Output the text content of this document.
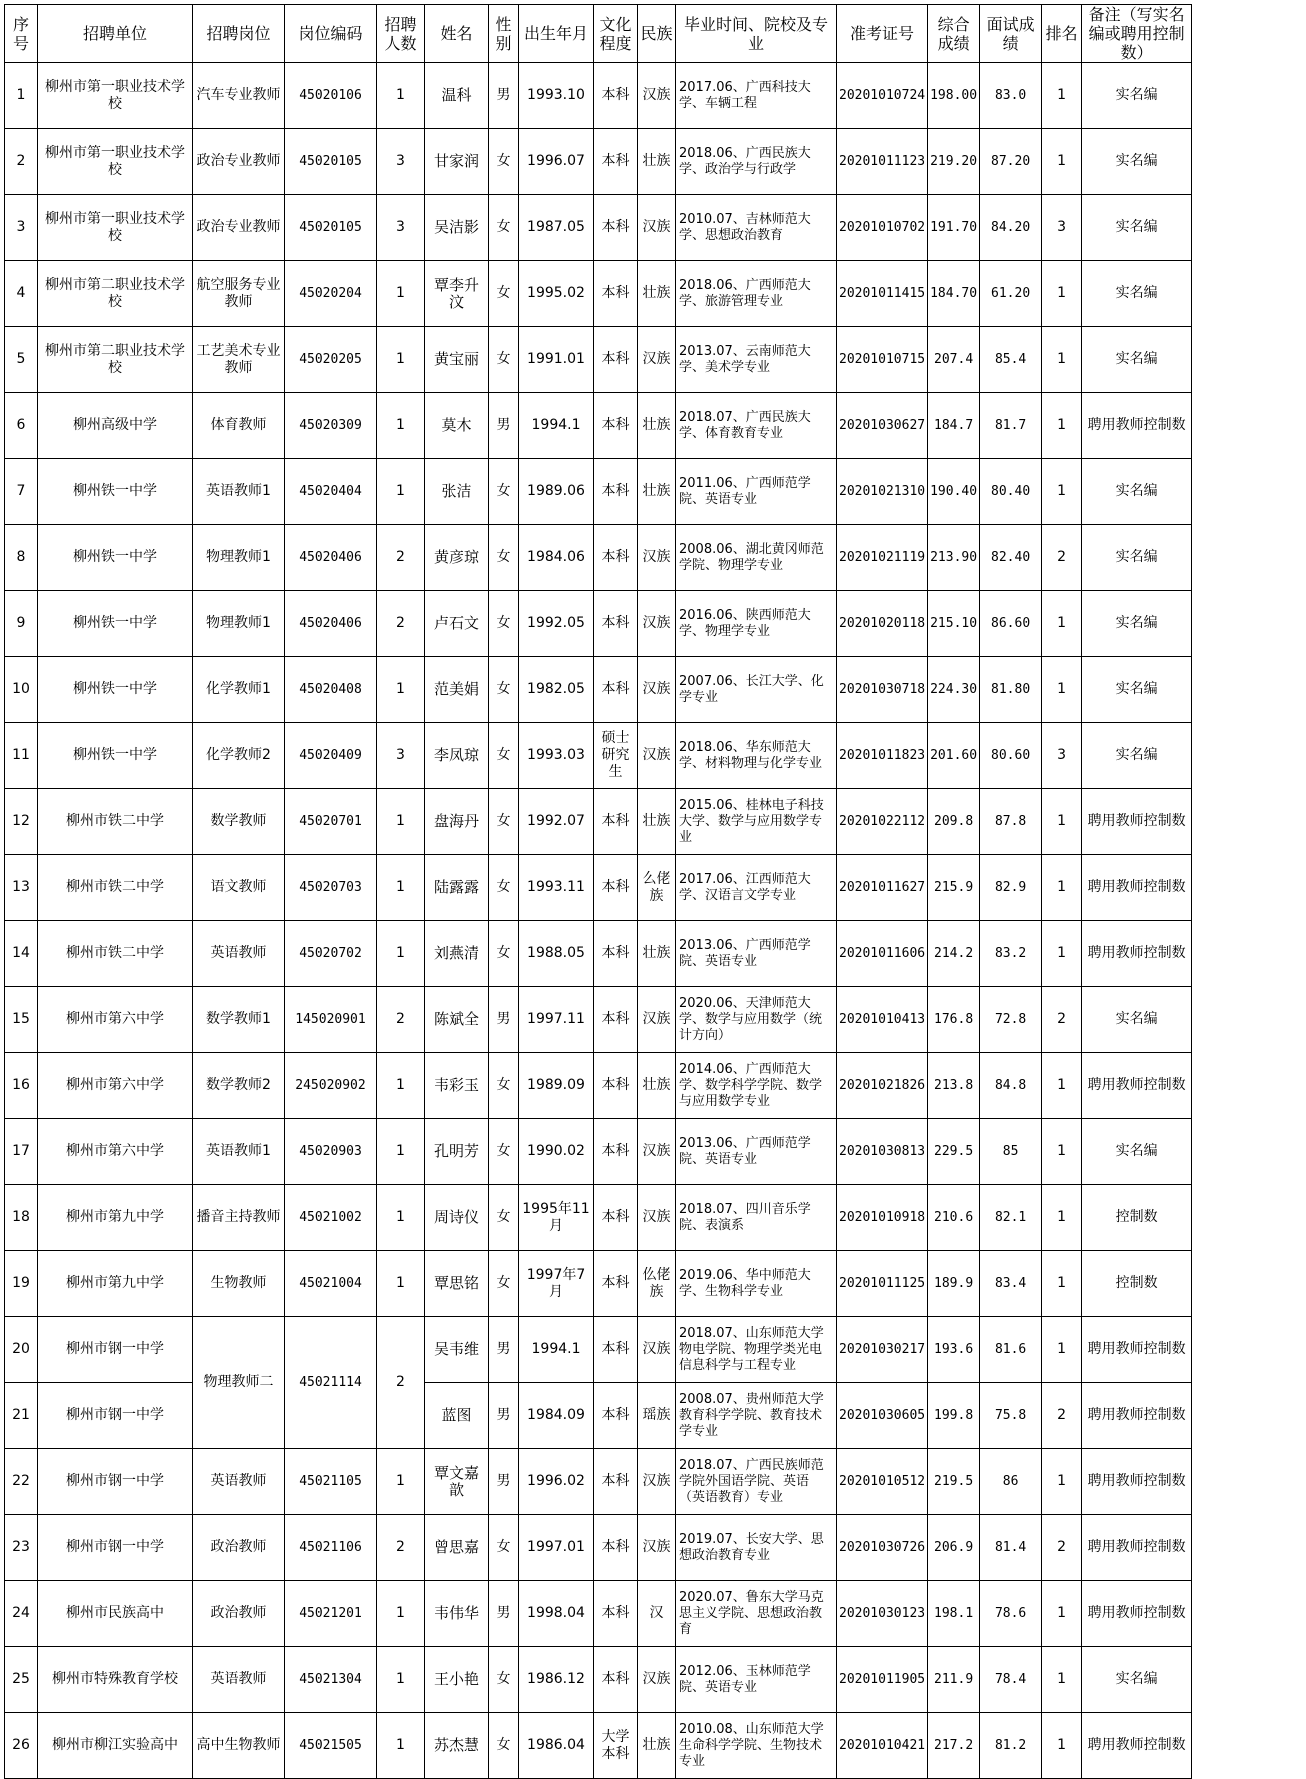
序号	招聘单位	招聘岗位	岗位编码	招聘人数	姓名	性别	出生年月	文化程度	民族	毕业时间、院校及专业	准考证号	综合成绩	面试成绩	排名	备注（写实名编或聘用控制数）
1	柳州市第一职业技术学校	汽车专业教师	45020106	1	温科	男	1993.10	本科	汉族	2017.06、广西科技大学、车辆工程	20201010724	198.00	83.0	1	实名编
2	柳州市第一职业技术学校	政治专业教师	45020105	3	甘家润	女	1996.07	本科	壮族	2018.06、广西民族大学、政治学与行政学	20201011123	219.20	87.20	1	实名编
3	柳州市第一职业技术学校	政治专业教师	45020105	3	吴洁影	女	1987.05	本科	汉族	2010.07、吉林师范大学、思想政治教育	20201010702	191.70	84.20	3	实名编
4	柳州市第二职业技术学校	航空服务专业教师	45020204	1	覃李升汶	女	1995.02	本科	壮族	2018.06、广西师范大学、旅游管理专业	20201011415	184.70	61.20	1	实名编
5	柳州市第二职业技术学校	工艺美术专业教师	45020205	1	黄宝丽	女	1991.01	本科	汉族	2013.07、云南师范大学、美术学专业	20201010715	207.4	85.4	1	实名编
6	柳州高级中学	体育教师	45020309	1	莫木	男	1994.1	本科	壮族	2018.07、广西民族大学、体育教育专业	20201030627	184.7	81.7	1	聘用教师控制数
7	柳州铁一中学	英语教师1	45020404	1	张洁	女	1989.06	本科	壮族	2011.06、广西师范学院、英语专业	20201021310	190.40	80.40	1	实名编
8	柳州铁一中学	物理教师1	45020406	2	黄彦琼	女	1984.06	本科	汉族	2008.06、湖北黄冈师范学院、物理学专业	20201021119	213.90	82.40	2	实名编
9	柳州铁一中学	物理教师1	45020406	2	卢石文	女	1992.05	本科	汉族	2016.06、陕西师范大学、物理学专业	20201020118	215.10	86.60	1	实名编
10	柳州铁一中学	化学教师1	45020408	1	范美娟	女	1982.05	本科	汉族	2007.06、长江大学、化学专业	20201030718	224.30	81.80	1	实名编
11	柳州铁一中学	化学教师2	45020409	3	李凤琼	女	1993.03	硕士研究生	汉族	2018.06、华东师范大学、材料物理与化学专业	20201011823	201.60	80.60	3	实名编
12	柳州市铁二中学	数学教师	45020701	1	盘海丹	女	1992.07	本科	壮族	2015.06、桂林电子科技大学、数学与应用数学专业	20201022112	209.8	87.8	1	聘用教师控制数
13	柳州市铁二中学	语文教师	45020703	1	陆露露	女	1993.11	本科	么佬族	2017.06、江西师范大学、汉语言文学专业	20201011627	215.9	82.9	1	聘用教师控制数
14	柳州市铁二中学	英语教师	45020702	1	刘燕清	女	1988.05	本科	壮族	2013.06、广西师范学院、英语专业	20201011606	214.2	83.2	1	聘用教师控制数
15	柳州市第六中学	数学教师1	145020901	2	陈斌全	男	1997.11	本科	汉族	2020.06、天津师范大学、数学与应用数学（统计方向）	20201010413	176.8	72.8	2	实名编
16	柳州市第六中学	数学教师2	245020902	1	韦彩玉	女	1989.09	本科	壮族	2014.06、广西师范大学、数学科学学院、数学与应用数学专业	20201021826	213.8	84.8	1	聘用教师控制数
17	柳州市第六中学	英语教师1	45020903	1	孔明芳	女	1990.02	本科	汉族	2013.06、广西师范学院、英语专业	20201030813	229.5	85	1	实名编
18	柳州市第九中学	播音主持教师	45021002	1	周诗仪	女	1995年11月	本科	汉族	2018.07、四川音乐学院、表演系	20201010918	210.6	82.1	1	控制数
19	柳州市第九中学	生物教师	45021004	1	覃思铭	女	1997年7月	本科	仫佬族	2019.06、华中师范大学、生物科学专业	20201011125	189.9	83.4	1	控制数
20	柳州市钢一中学	物理教师二	45021114	2	吴韦维	男	1994.1	本科	汉族	2018.07、山东师范大学物电学院、物理学类光电信息科学与工程专业	20201030217	193.6	81.6	1	聘用教师控制数
21	柳州市钢一中学				蓝图	男	1984.09	本科	瑶族	2008.07、贵州师范大学教育科学学院、教育技术学专业	20201030605	199.8	75.8	2	聘用教师控制数
22	柳州市钢一中学	英语教师	45021105	1	覃文嘉歆	男	1996.02	本科	汉族	2018.07、广西民族师范学院外国语学院、英语（英语教育）专业	20201010512	219.5	86	1	聘用教师控制数
23	柳州市钢一中学	政治教师	45021106	2	曾思嘉	女	1997.01	本科	汉族	2019.07、长安大学、思想政治教育专业	20201030726	206.9	81.4	2	聘用教师控制数
24	柳州市民族高中	政治教师	45021201	1	韦伟华	男	1998.04	本科	汉	2020.07、鲁东大学马克思主义学院、思想政治教育	20201030123	198.1	78.6	1	聘用教师控制数
25	柳州市特殊教育学校	英语教师	45021304	1	王小艳	女	1986.12	本科	汉族	2012.06、玉林师范学院、英语专业	20201011905	211.9	78.4	1	实名编
26	柳州市柳江实验高中	高中生物教师	45021505	1	苏杰慧	女	1986.04	大学本科	壮族	2010.08、山东师范大学生命科学学院、生物技术专业	20201010421	217.2	81.2	1	聘用教师控制数
